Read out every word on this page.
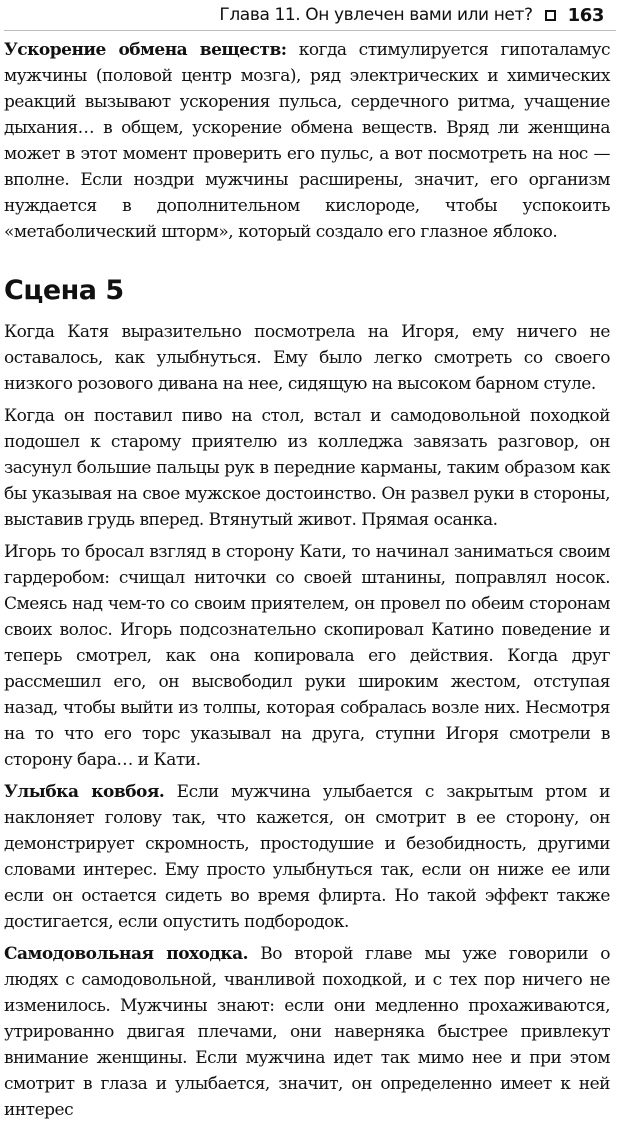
Глава 11. Он увлечен вами или нет? 163

Ускорение обмена веществ: когда стимулируется гипоталамус мужчины (половой центр мозга), ряд электрических и химических реакций вызывают ускорения пульса, сердечного ритма, учащение дыхания… в общем, ускорение обмена веществ. Вряд ли женщина может в этот момент проверить его пульс, а вот посмотреть на нос — вполне. Если ноздри мужчины расширены, значит, его организм нуждается в дополнительном кислороде, чтобы успокоить «метаболический шторм», который создало его глазное яблоко.

Сцена 5

Когда Катя выразительно посмотрела на Игоря, ему ничего не оставалось, как улыбнуться. Ему было легко смотреть со своего низкого розового дивана на нее, сидящую на высоком барном стуле.

Когда он поставил пиво на стол, встал и самодовольной походкой подошел к старому приятелю из колледжа завязать разговор, он засунул большие пальцы рук в передние карманы, таким образом как бы указывая на свое мужское достоинство. Он развел руки в стороны, выставив грудь вперед. Втянутый живот. Прямая осанка.

Игорь то бросал взгляд в сторону Кати, то начинал заниматься своим гардеробом: счищал ниточки со своей штанины, поправлял носок. Смеясь над чем-то со своим приятелем, он провел по обеим сторонам своих волос. Игорь подсознательно скопировал Катино поведение и теперь смотрел, как она копировала его действия. Когда друг рассмешил его, он высвободил руки широким жестом, отступая назад, чтобы выйти из толпы, которая собралась возле них. Несмотря на то что его торс указывал на друга, ступни Игоря смотрели в сторону бара… и Кати.

Улыбка ковбоя. Если мужчина улыбается с закрытым ртом и наклоняет голову так, что кажется, он смотрит в ее сторону, он демонстрирует скромность, простодушие и безобидность, другими словами интерес. Ему просто улыбнуться так, если он ниже ее или если он остается сидеть во время флирта. Но такой эффект также достигается, если опустить подбородок.

Самодовольная походка. Во второй главе мы уже говорили о людях с самодовольной, чванливой походкой, и с тех пор ничего не изменилось. Мужчины знают: если они медленно прохаживаются, утрированно двигая плечами, они наверняка быстрее привлекут внимание женщины. Если мужчина идет так мимо нее и при этом смотрит в глаза и улыбается, значит, он определенно имеет к ней интерес
